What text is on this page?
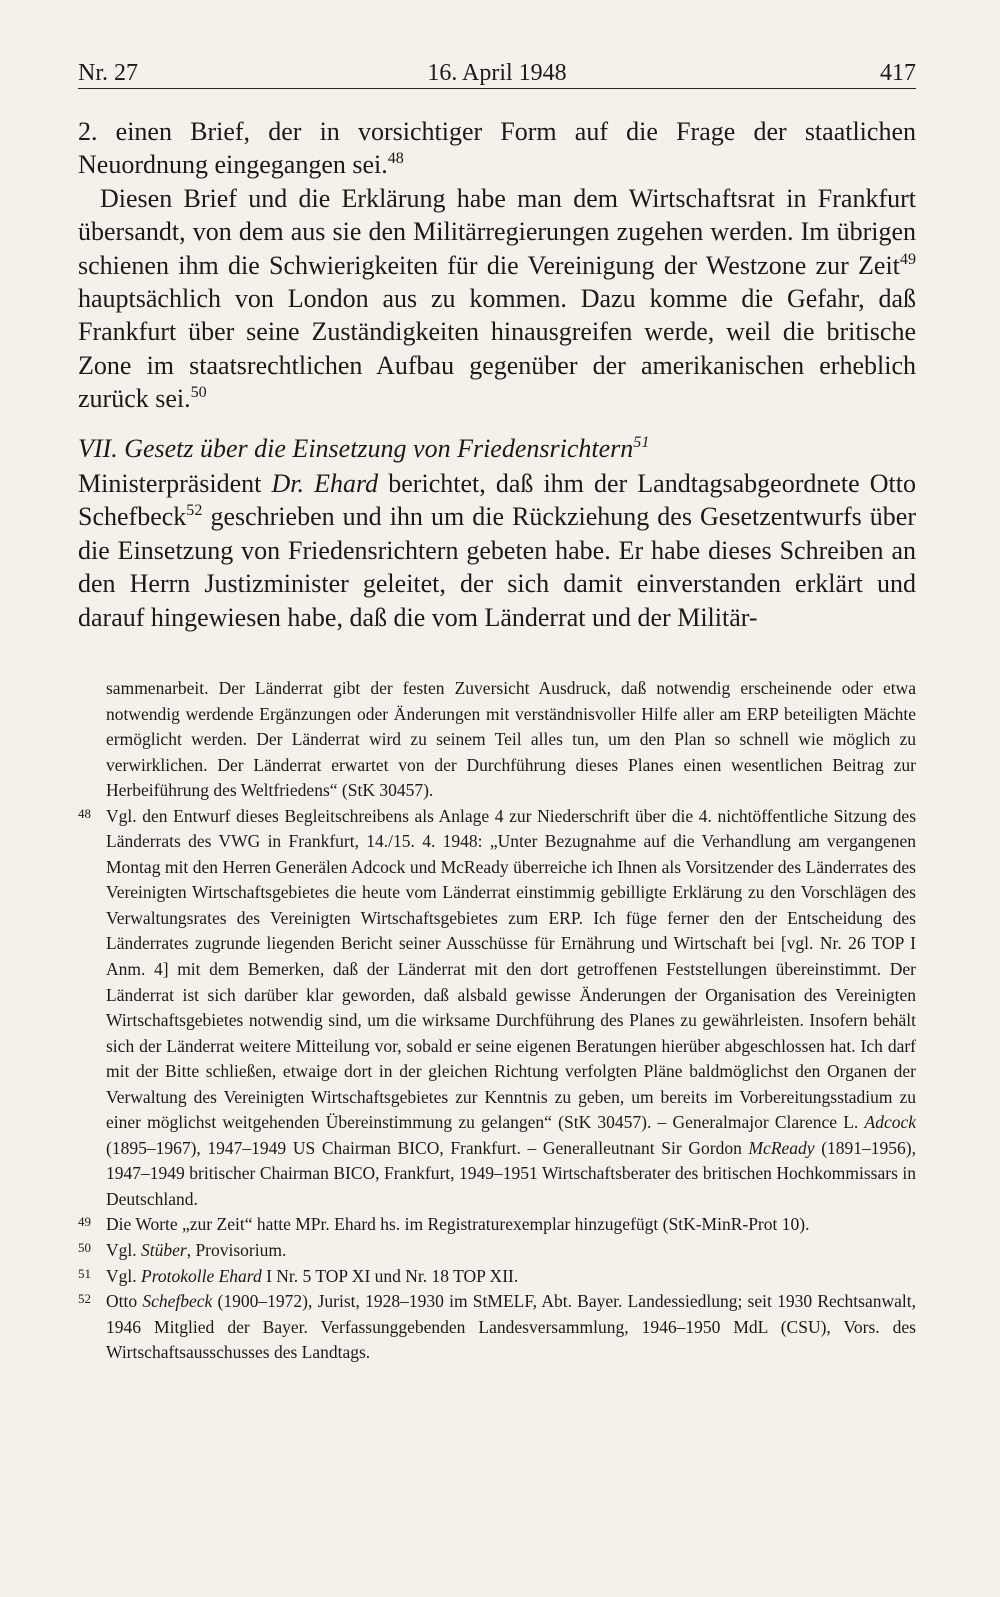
Nr. 27	16. April 1948	417

2. einen Brief, der in vorsichtiger Form auf die Frage der staatlichen Neuordnung eingegangen sei.$^{48}$

Diesen Brief und die Erklärung habe man dem Wirtschaftsrat in Frankfurt übersandt, von dem aus sie den Militärregierungen zugehen werden. Im übrigen schienen ihm die Schwierigkeiten für die Vereinigung der Westzone zur Zeit$^{49}$ hauptsächlich von London aus zu kommen. Dazu komme die Gefahr, daß Frankfurt über seine Zuständigkeiten hinausgreifen werde, weil die britische Zone im staatsrechtlichen Aufbau gegenüber der amerikanischen erheblich zurück sei.$^{50}$

VII. Gesetz über die Einsetzung von Friedensrichtern$^{51}$

Ministerpräsident Dr. Ehard berichtet, daß ihm der Landtagsabgeordnete Otto Schefbeck$^{52}$ geschrieben und ihn um die Rückziehung des Gesetzentwurfs über die Einsetzung von Friedensrichtern gebeten habe. Er habe dieses Schreiben an den Herrn Justizminister geleitet, der sich damit einverstanden erklärt und darauf hingewiesen habe, daß die vom Länderrat und der Militär-

sammenarbeit. Der Länderrat gibt der festen Zuversicht Ausdruck, daß notwendig erscheinende oder etwa notwendig werdende Ergänzungen oder Änderungen mit verständnisvoller Hilfe aller am ERP beteiligten Mächte ermöglicht werden. Der Länderrat wird zu seinem Teil alles tun, um den Plan so schnell wie möglich zu verwirklichen. Der Länderrat erwartet von der Durchführung dieses Planes einen wesentlichen Beitrag zur Herbeiführung des Weltfriedens“ (StK 30457).

48 Vgl. den Entwurf dieses Begleitschreibens als Anlage 4 zur Niederschrift über die 4. nichtöffentliche Sitzung des Länderrats des VWG in Frankfurt, 14./15. 4. 1948: „Unter Bezugnahme auf die Verhandlung am vergangenen Montag mit den Herren Generälen Adcock und McReady überreiche ich Ihnen als Vorsitzender des Länderrates des Vereinigten Wirtschaftsgebietes die heute vom Länderrat einstimmig gebilligte Erklärung zu den Vorschlägen des Verwaltungsrates des Vereinigten Wirtschaftsgebietes zum ERP. Ich füge ferner den der Entscheidung des Länderrates zugrunde liegenden Bericht seiner Ausschüsse für Ernährung und Wirtschaft bei [vgl. Nr. 26 TOP I Anm. 4] mit dem Bemerken, daß der Länderrat mit den dort getroffenen Feststellungen übereinstimmt. Der Länderrat ist sich darüber klar geworden, daß alsbald gewisse Änderungen der Organisation des Vereinigten Wirtschaftsgebietes notwendig sind, um die wirksame Durchführung des Planes zu gewährleisten. Insofern behält sich der Länderrat weitere Mitteilung vor, sobald er seine eigenen Beratungen hierüber abgeschlossen hat. Ich darf mit der Bitte schließen, etwaige dort in der gleichen Richtung verfolgten Pläne baldmöglichst den Organen der Verwaltung des Vereinigten Wirtschaftsgebietes zur Kenntnis zu geben, um bereits im Vorbereitungsstadium zu einer möglichst weitgehenden Übereinstimmung zu gelangen“ (StK 30457). – Generalmajor Clarence L. Adcock (1895–1967), 1947–1949 US Chairman BICO, Frankfurt. – Generalleutnant Sir Gordon McReady (1891–1956), 1947–1949 britischer Chairman BICO, Frankfurt, 1949–1951 Wirtschaftsberater des britischen Hochkommissars in Deutschland.
49 Die Worte „zur Zeit“ hatte MPr. Ehard hs. im Registraturexemplar hinzugefügt (StK-MinR-Prot 10).
50 Vgl. Stüber, Provisorium.
51 Vgl. Protokolle Ehard I Nr. 5 TOP XI und Nr. 18 TOP XII.
52 Otto Schefbeck (1900–1972), Jurist, 1928–1930 im StMELF, Abt. Bayer. Landessiedlung; seit 1930 Rechtsanwalt, 1946 Mitglied der Bayer. Verfassunggebenden Landesversammlung, 1946–1950 MdL (CSU), Vors. des Wirtschaftsausschusses des Landtags.
